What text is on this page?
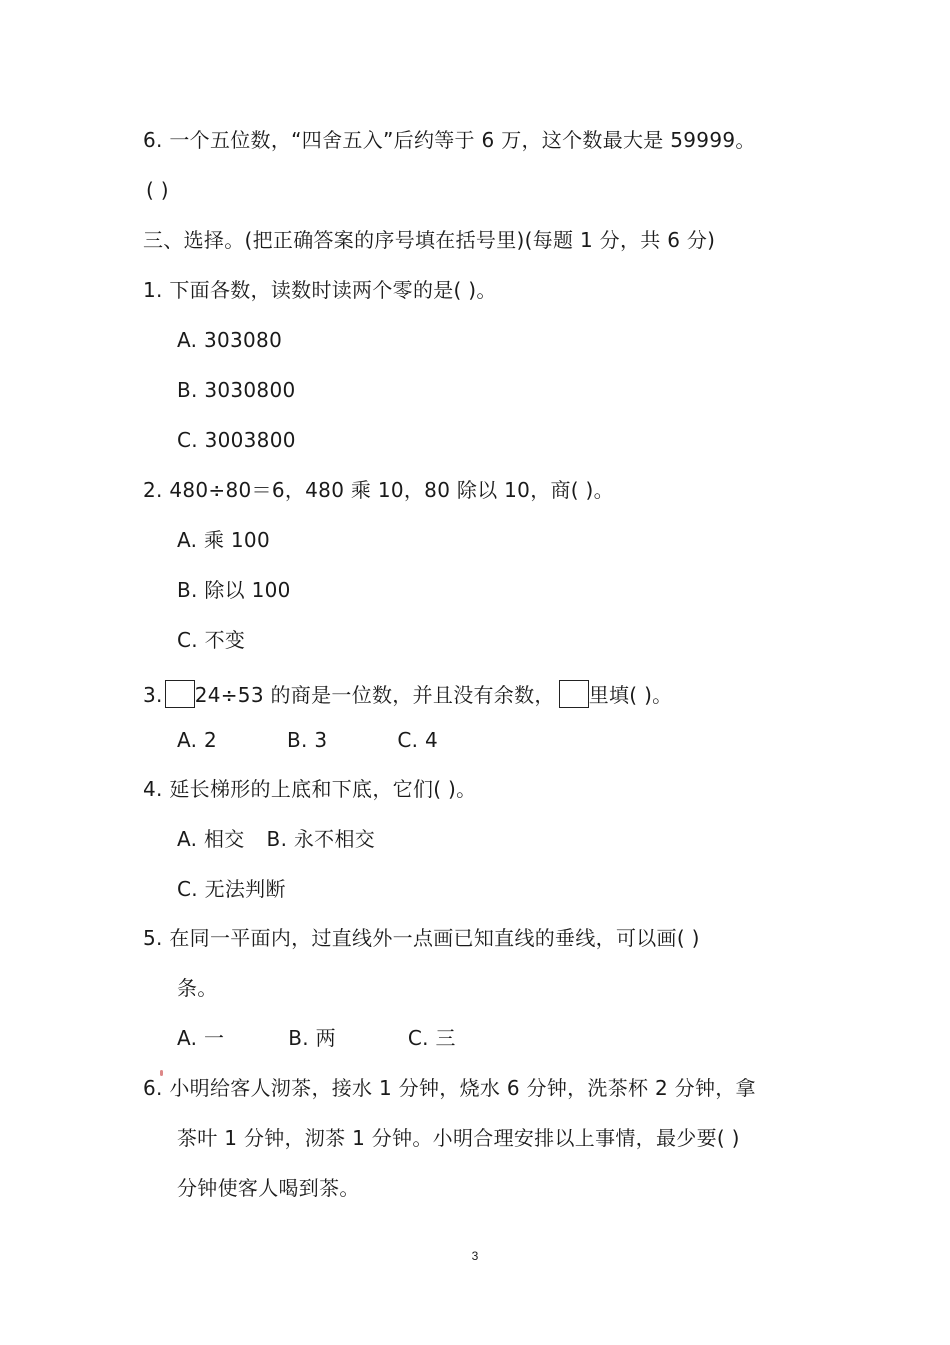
6. 一个五位数，“四舍五入”后约等于 6 万，这个数最大是 59999。
( )
三、选择。(把正确答案的序号填在括号里)(每题 1 分，共 6 分)
1. 下面各数，读数时读两个零的是( )。
A. 303080
B. 3030800
C. 3003800
2. 480÷80＝6，480 乘 10，80 除以 10，商( )。
A. 乘 100
B. 除以 100
C. 不变
3. 24÷53 的商是一位数，并且没有余数， 里填( )。
A. 2	B. 3	C. 4
4. 延长梯形的上底和下底，它们( )。
A. 相交 B. 永不相交
C. 无法判断
5. 在同一平面内，过直线外一点画已知直线的垂线，可以画( )
条。
A. 一	B. 两	C. 三
6. 小明给客人沏茶，接水 1 分钟，烧水 6 分钟，洗茶杯 2 分钟，拿
茶叶 1 分钟，沏茶 1 分钟。小明合理安排以上事情，最少要( )
分钟使客人喝到茶。
3
